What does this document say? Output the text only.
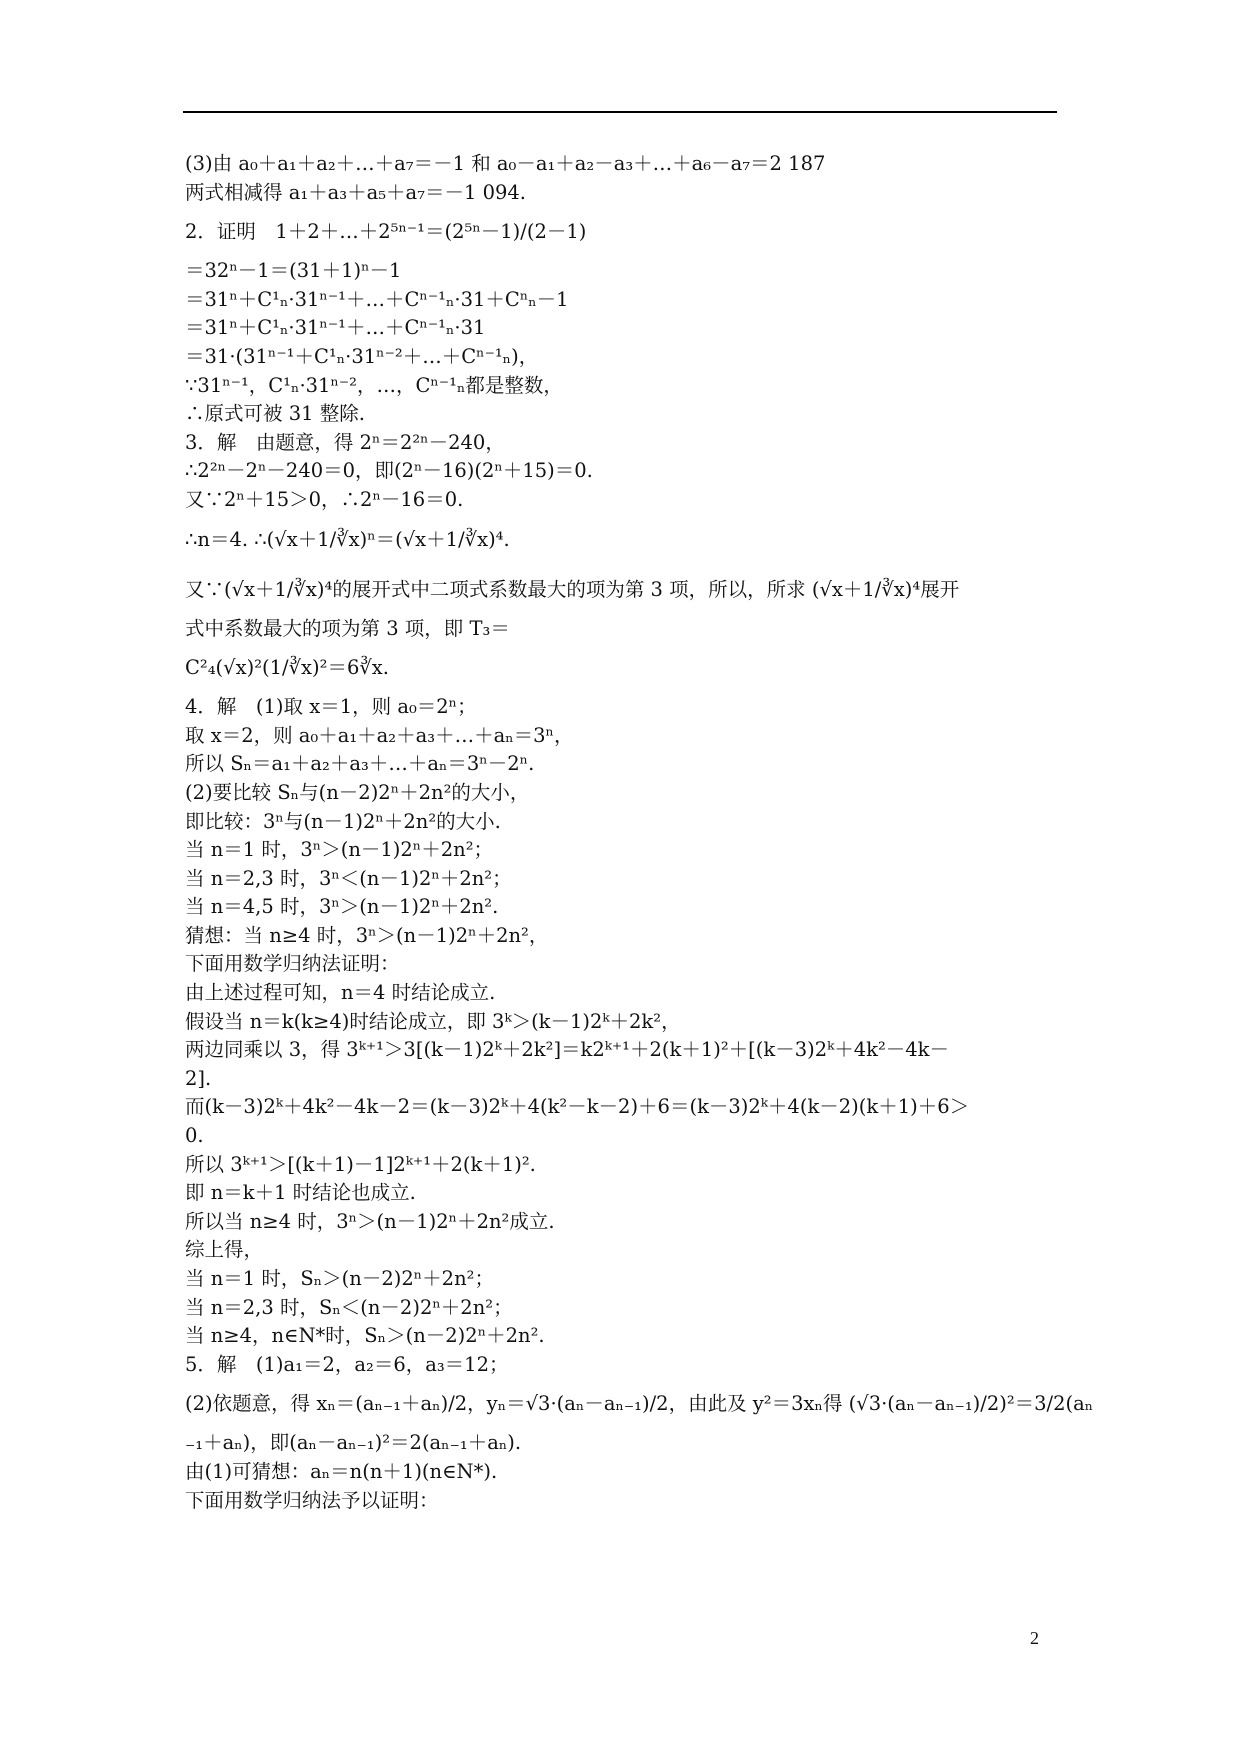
(3)由 a₀＋a₁＋a₂＋…＋a₇＝－1 和 a₀－a₁＋a₂－a₃＋…＋a₆－a₇＝2 187
两式相减得 a₁＋a₃＋a₅＋a₇＝－1 094.
2．证明　1＋2＋…＋2⁵ⁿ⁻¹＝(2⁵ⁿ－1)/(2－1)
＝32ⁿ－1＝(31＋1)ⁿ－1
＝31ⁿ＋C¹ₙ·31ⁿ⁻¹＋…＋Cⁿ⁻¹ₙ·31＋Cⁿₙ－1
＝31ⁿ＋C¹ₙ·31ⁿ⁻¹＋…＋Cⁿ⁻¹ₙ·31
＝31·(31ⁿ⁻¹＋C¹ₙ·31ⁿ⁻²＋…＋Cⁿ⁻¹ₙ)，
∵31ⁿ⁻¹，C¹ₙ·31ⁿ⁻²，…，Cⁿ⁻¹ₙ都是整数，
∴原式可被 31 整除.
3．解　由题意，得 2ⁿ＝2²ⁿ－240，
∴2²ⁿ－2ⁿ－240＝0，即(2ⁿ－16)(2ⁿ＋15)＝0.
又∵2ⁿ＋15＞0，∴2ⁿ－16＝0.
∴n＝4. ∴(√x＋1/∛x)ⁿ＝(√x＋1/∛x)⁴.
又∵(√x＋1/∛x)⁴的展开式中二项式系数最大的项为第 3 项，所以，所求 (√x＋1/∛x)⁴展开
式中系数最大的项为第 3 项，即 T₃＝
C²₄(√x)²(1/∛x)²＝6∛x.
4．解　(1)取 x＝1，则 a₀＝2ⁿ；
取 x＝2，则 a₀＋a₁＋a₂＋a₃＋…＋aₙ＝3ⁿ，
所以 Sₙ＝a₁＋a₂＋a₃＋…＋aₙ＝3ⁿ－2ⁿ.
(2)要比较 Sₙ与(n－2)2ⁿ＋2n²的大小，
即比较：3ⁿ与(n－1)2ⁿ＋2n²的大小.
当 n＝1 时，3ⁿ＞(n－1)2ⁿ＋2n²；
当 n＝2,3 时，3ⁿ＜(n－1)2ⁿ＋2n²；
当 n＝4,5 时，3ⁿ＞(n－1)2ⁿ＋2n².
猜想：当 n≥4 时，3ⁿ＞(n－1)2ⁿ＋2n²，
下面用数学归纳法证明：
由上述过程可知，n＝4 时结论成立.
假设当 n＝k(k≥4)时结论成立，即 3ᵏ＞(k－1)2ᵏ＋2k²，
两边同乘以 3，得 3ᵏ⁺¹＞3[(k－1)2ᵏ＋2k²]＝k2ᵏ⁺¹＋2(k＋1)²＋[(k－3)2ᵏ＋4k²－4k－
2].
而(k－3)2ᵏ＋4k²－4k－2＝(k－3)2ᵏ＋4(k²－k－2)＋6＝(k－3)2ᵏ＋4(k－2)(k＋1)＋6＞
0.
所以 3ᵏ⁺¹＞[(k＋1)－1]2ᵏ⁺¹＋2(k＋1)².
即 n＝k＋1 时结论也成立.
所以当 n≥4 时，3ⁿ＞(n－1)2ⁿ＋2n²成立.
综上得，
当 n＝1 时，Sₙ＞(n－2)2ⁿ＋2n²；
当 n＝2,3 时，Sₙ＜(n－2)2ⁿ＋2n²；
当 n≥4，n∈N*时，Sₙ＞(n－2)2ⁿ＋2n².
5．解　(1)a₁＝2，a₂＝6，a₃＝12；
(2)依题意，得 xₙ＝(aₙ₋₁＋aₙ)/2，yₙ＝√3·(aₙ－aₙ₋₁)/2，由此及 y²＝3xₙ得 (√3·(aₙ－aₙ₋₁)/2)²＝3/2(aₙ
₋₁＋aₙ)，即(aₙ－aₙ₋₁)²＝2(aₙ₋₁＋aₙ).
由(1)可猜想：aₙ＝n(n＋1)(n∈N*).
下面用数学归纳法予以证明：
2
